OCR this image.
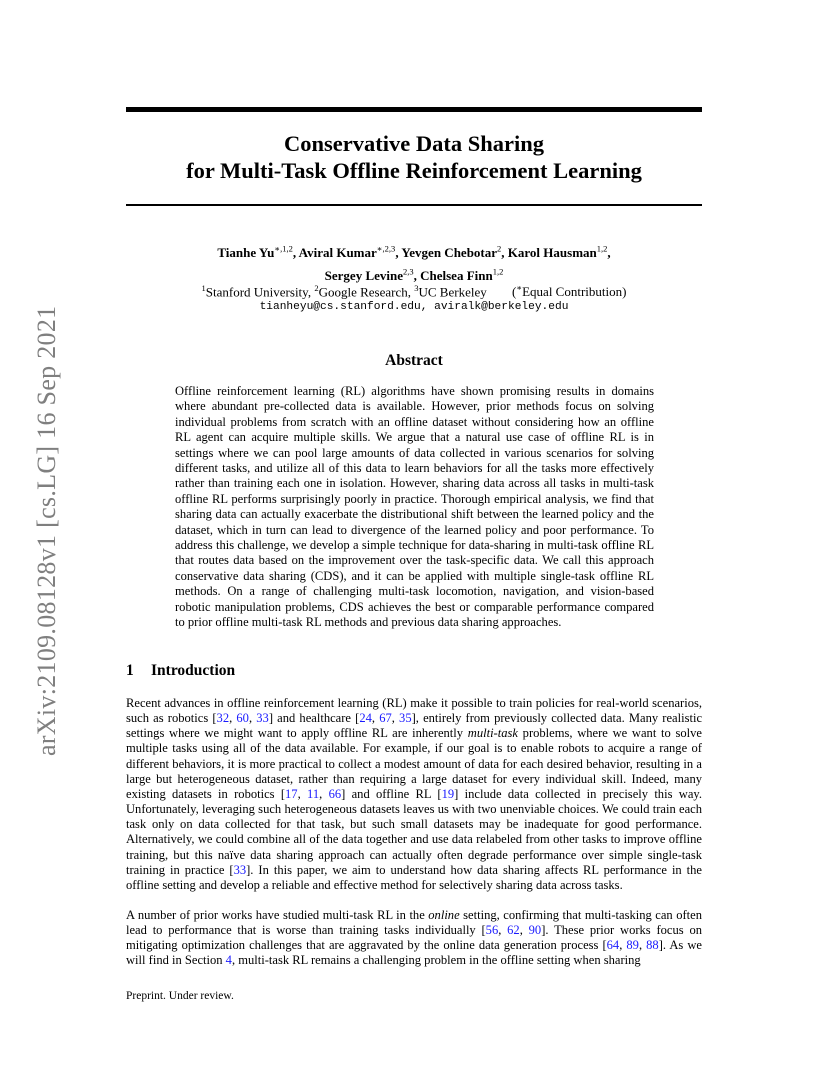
Conservative Data Sharing
for Multi-Task Offline Reinforcement Learning
arXiv:2109.08128v1 [cs.LG] 16 Sep 2021
Tianhe $Yu^{∗,1,2}$, Aviral Kumar$^{∗,2,3}$, Yevgen Chebotar$^2$, Karol Hausman$^{1,2}$,
Sergey Levine$^{2,3}$, Chelsea Finn$^{1,2}$
$^1$Stanford University, $^2$Google Research, $^3$UC Berkeley (∗Equal Contribution)
tianheyu@cs.stanford.edu, aviralk@berkeley.edu
Abstract
Offline reinforcement learning (RL) algorithms have shown promising results in domains where abundant pre-collected data is available. However, prior methods focus on solving individual problems from scratch with an offline dataset without considering how an offline RL agent can acquire multiple skills. We argue that a natural use case of offline RL is in settings where we can pool large amounts of data collected in various scenarios for solving different tasks, and utilize all of this data to learn behaviors for all the tasks more effectively rather than training each one in isolation. However, sharing data across all tasks in multi-task offline RL performs surprisingly poorly in practice. Thorough empirical analysis, we find that sharing data can actually exacerbate the distributional shift between the learned policy and the dataset, which in turn can lead to divergence of the learned policy and poor performance. To address this challenge, we develop a simple technique for data-sharing in multi-task offline RL that routes data based on the improvement over the task-specific data. We call this approach conservative data sharing (CDS), and it can be applied with multiple single-task offline RL methods. On a range of challenging multi-task locomotion, navigation, and vision-based robotic manipulation problems, CDS achieves the best or comparable performance compared to prior offline multi-task RL methods and previous data sharing approaches.
1 Introduction
Recent advances in offline reinforcement learning (RL) make it possible to train policies for real-world scenarios, such as robotics [32, 60, 33] and healthcare [24, 67, 35], entirely from previously collected data. Many realistic settings where we might want to apply offline RL are inherently multi-task problems, where we want to solve multiple tasks using all of the data available. For example, if our goal is to enable robots to acquire a range of different behaviors, it is more practical to collect a modest amount of data for each desired behavior, resulting in a large but heterogeneous dataset, rather than requiring a large dataset for every individual skill. Indeed, many existing datasets in robotics [17, 11, 66] and offline RL [19] include data collected in precisely this way. Unfortunately, leveraging such heterogeneous datasets leaves us with two unenviable choices. We could train each task only on data collected for that task, but such small datasets may be inadequate for good performance. Alternatively, we could combine all of the data together and use data relabeled from other tasks to improve offline training, but this naïve data sharing approach can actually often degrade performance over simple single-task training in practice [33]. In this paper, we aim to understand how data sharing affects RL performance in the offline setting and develop a reliable and effective method for selectively sharing data across tasks.
A number of prior works have studied multi-task RL in the online setting, confirming that multi-tasking can often lead to performance that is worse than training tasks individually [56, 62, 90]. These prior works focus on mitigating optimization challenges that are aggravated by the online data generation process [64, 89, 88]. As we will find in Section 4, multi-task RL remains a challenging problem in the offline setting when sharing
Preprint. Under review.
